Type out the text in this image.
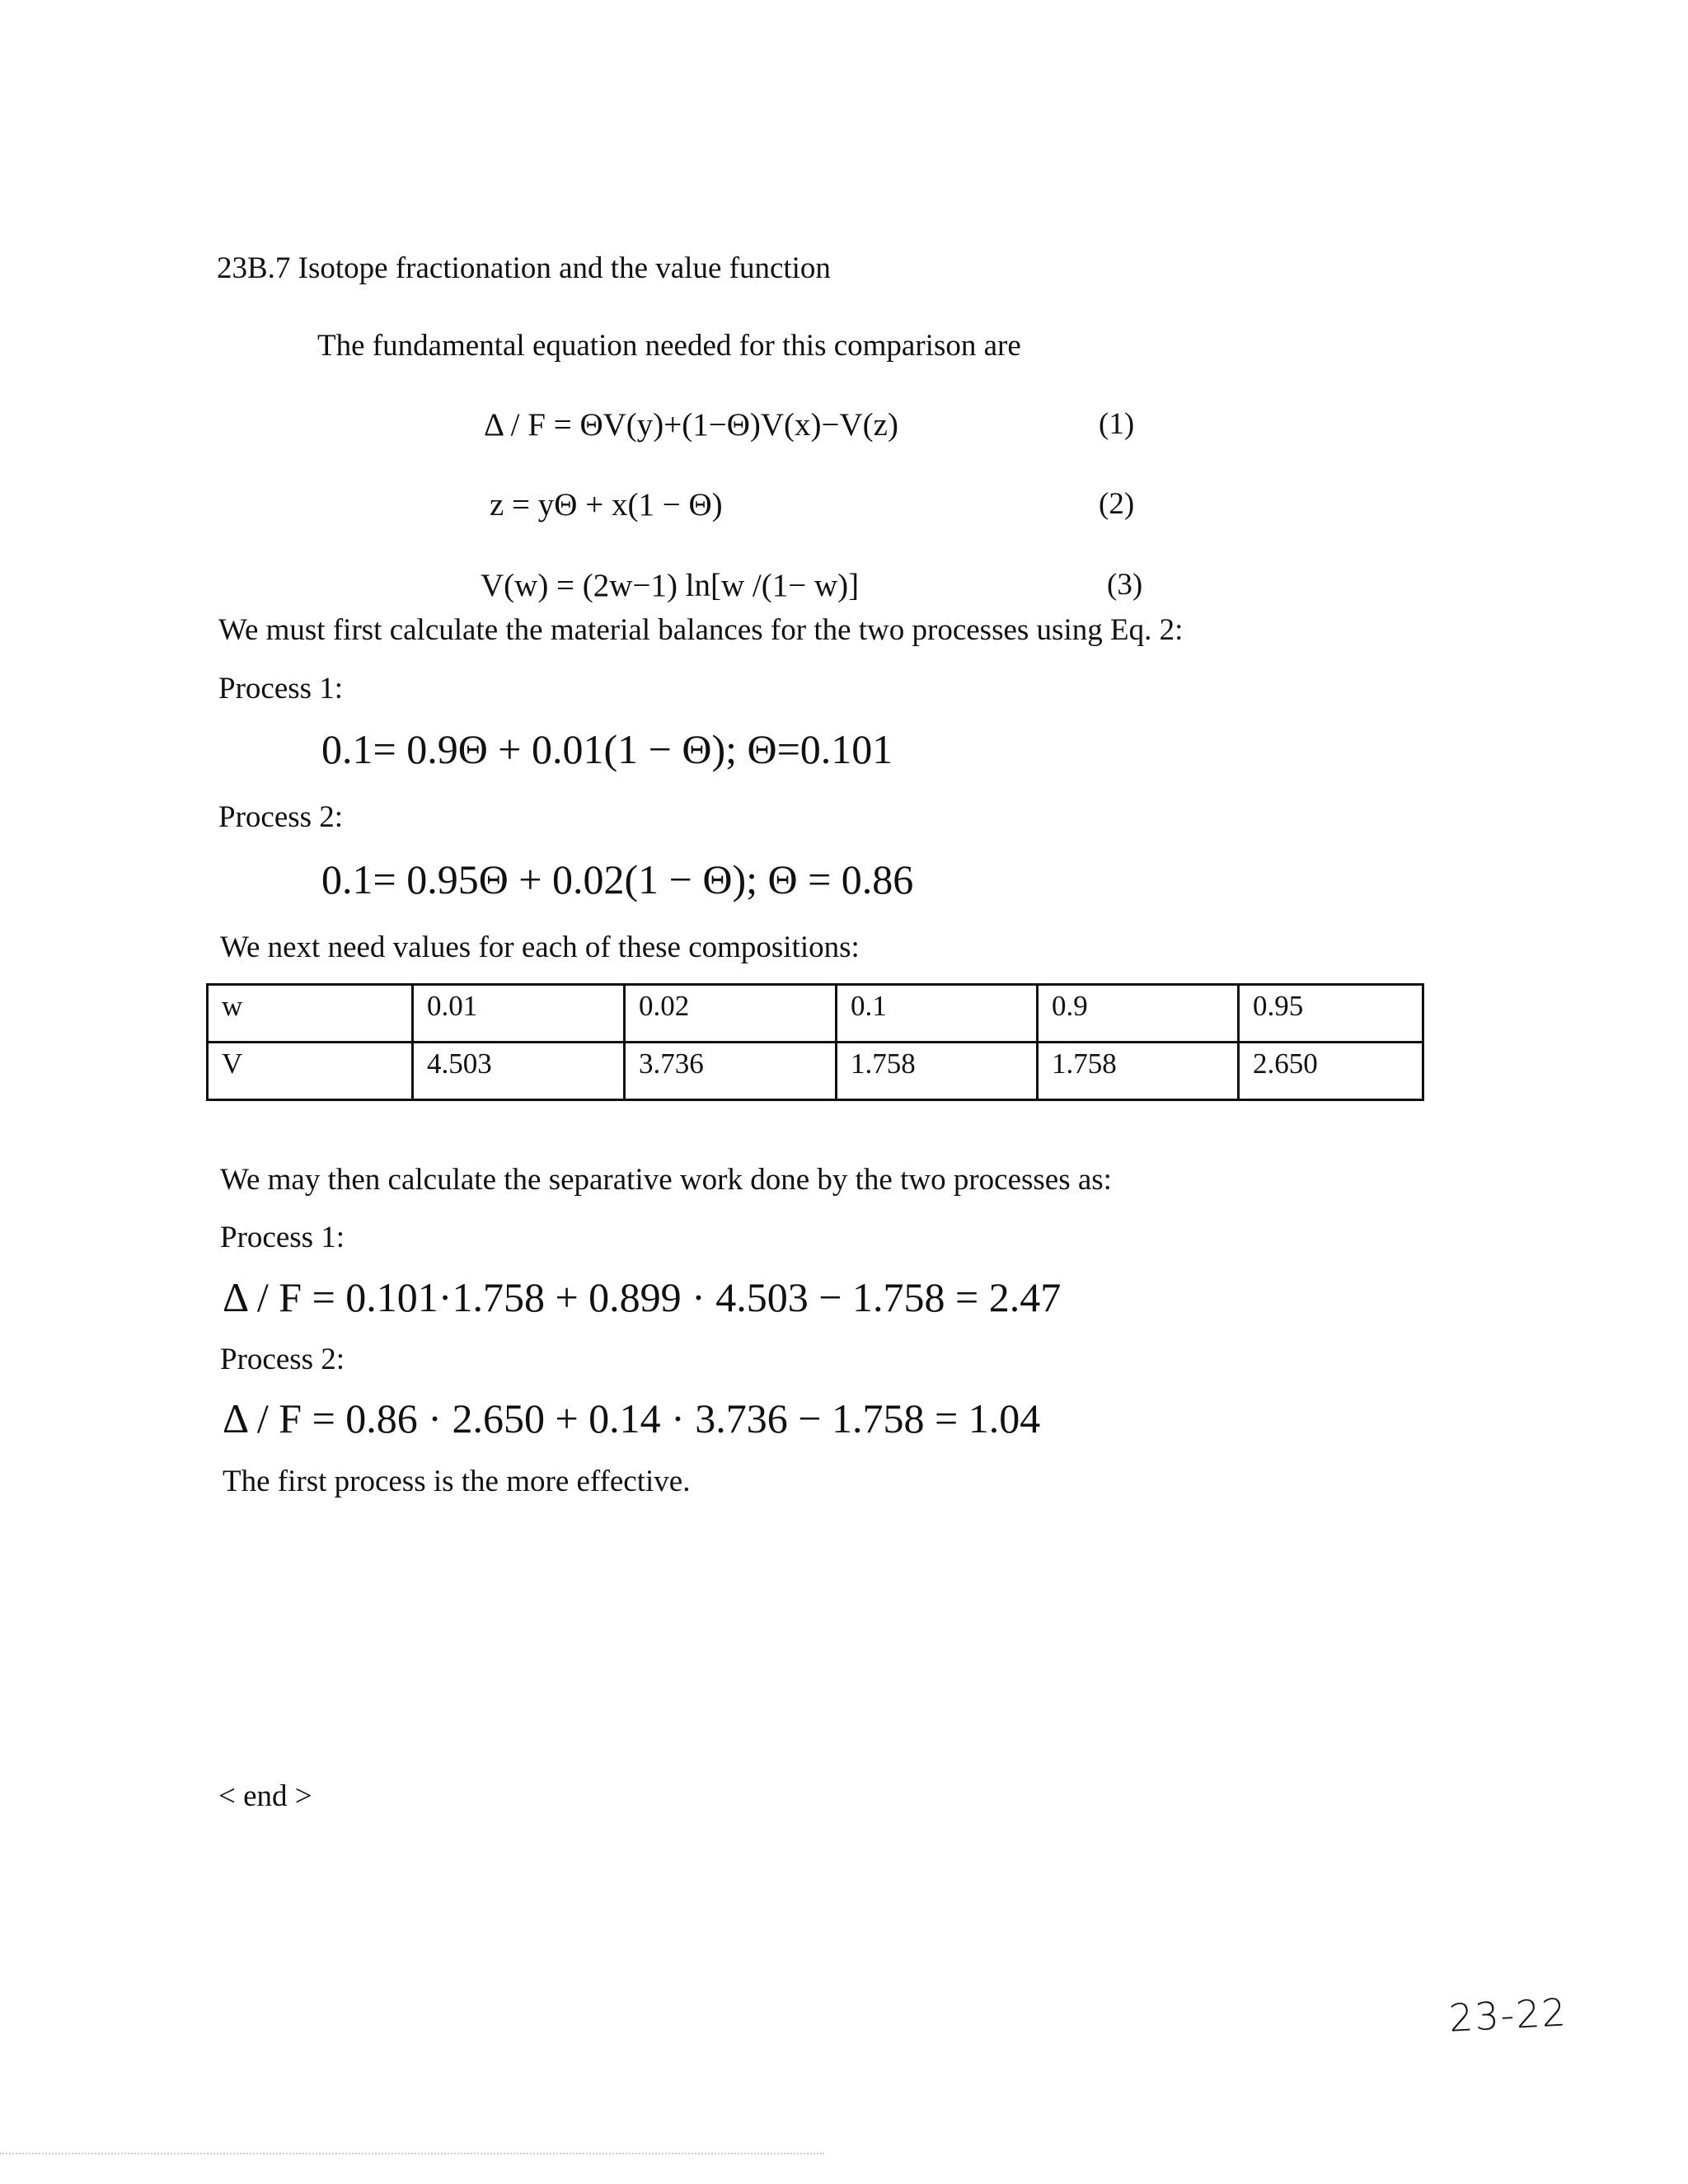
23B.7 Isotope fractionation and the value function
The fundamental equation needed for this comparison are
Δ / F = ΘV(y)+(1−Θ)V(x)−V(z)	(1)
z = yΘ + x(1 − Θ)	(2)
V(w) = (2w−1) ln[w /(1− w)]	(3)
We must first calculate the material balances for the two processes using Eq. 2:
Process 1:
0.1= 0.9Θ + 0.01(1 − Θ); Θ=0.101
Process 2:
0.1= 0.95Θ + 0.02(1 − Θ); Θ = 0.86
We next need values for each of these compositions:
w	0.01	0.02	0.1	0.9	0.95
V	4.503	3.736	1.758	1.758	2.650
We may then calculate the separative work done by the two processes as:
Process 1:
Δ / F = 0.101·1.758 + 0.899 · 4.503 − 1.758 = 2.47
Process 2:
Δ / F = 0.86 · 2.650 + 0.14 · 3.736 − 1.758 = 1.04
The first process is the more effective.
< end >
23-22
